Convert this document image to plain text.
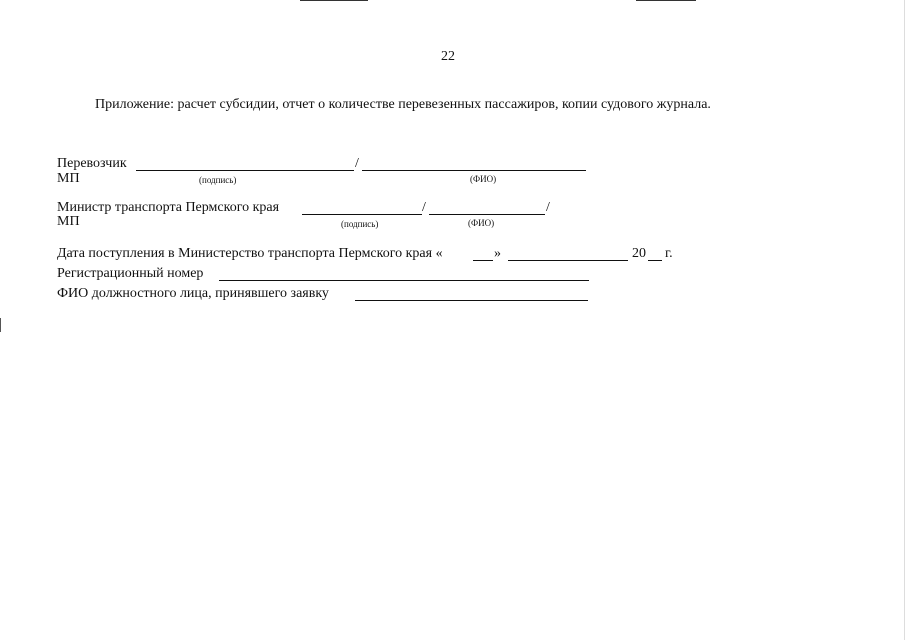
22
Приложение: расчет субсидии, отчет о количестве перевезенных пассажиров, копии судового журнала.
Перевозчик	/
МП	(подпись)	(ФИО)
Министр транспорта Пермского края	/	/
МП	(подпись)	(ФИО)
Дата поступления в Министерство транспорта Пермского края «	»	20 г.
Регистрационный номер
ФИО должностного лица, принявшего заявку
